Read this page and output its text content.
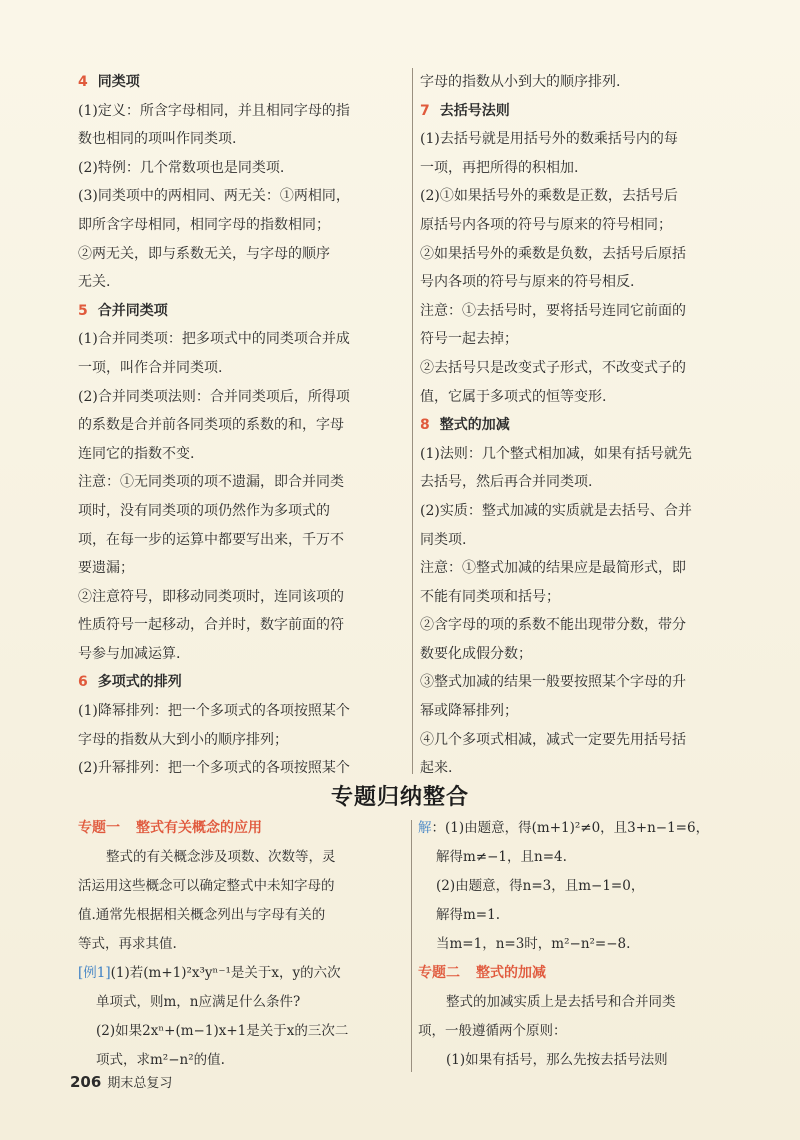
4 同类项
(1)定义：所含字母相同，并且相同字母的指
数也相同的项叫作同类项.
(2)特例：几个常数项也是同类项.
(3)同类项中的两相同、两无关：①两相同，
即所含字母相同，相同字母的指数相同；
②两无关，即与系数无关，与字母的顺序
无关.
5 合并同类项
(1)合并同类项：把多项式中的同类项合并成
一项，叫作合并同类项.
(2)合并同类项法则：合并同类项后，所得项
的系数是合并前各同类项的系数的和，字母
连同它的指数不变.
注意：①无同类项的项不遗漏，即合并同类
项时，没有同类项的项仍然作为多项式的
项，在每一步的运算中都要写出来，千万不
要遗漏；
②注意符号，即移动同类项时，连同该项的
性质符号一起移动，合并时，数字前面的符
号参与加减运算.
6 多项式的排列
(1)降幂排列：把一个多项式的各项按照某个
字母的指数从大到小的顺序排列；
(2)升幂排列：把一个多项式的各项按照某个
字母的指数从小到大的顺序排列.
7 去括号法则
(1)去括号就是用括号外的数乘括号内的每
一项，再把所得的积相加.
(2)①如果括号外的乘数是正数，去括号后
原括号内各项的符号与原来的符号相同；
②如果括号外的乘数是负数，去括号后原括
号内各项的符号与原来的符号相反.
注意：①去括号时，要将括号连同它前面的
符号一起去掉；
②去括号只是改变式子形式，不改变式子的
值，它属于多项式的恒等变形.
8 整式的加减
(1)法则：几个整式相加减，如果有括号就先
去括号，然后再合并同类项.
(2)实质：整式加减的实质就是去括号、合并
同类项.
注意：①整式加减的结果应是最简形式，即
不能有同类项和括号；
②含字母的项的系数不能出现带分数，带分
数要化成假分数；
③整式加减的结果一般要按照某个字母的升
幂或降幂排列；
④几个多项式相减，减式一定要先用括号括
起来.
专题归纳整合
专题一 整式有关概念的应用
整式的有关概念涉及项数、次数等，灵
活运用这些概念可以确定整式中未知字母的
值.通常先根据相关概念列出与字母有关的
等式，再求其值.
[例1](1)若(m+1)²x³yⁿ⁻¹是关于x，y的六次
单项式，则m，n应满足什么条件?
(2)如果2xⁿ+(m−1)x+1是关于x的三次二
项式，求m²−n²的值.
解：(1)由题意，得(m+1)²≠0，且3+n−1=6，
解得m≠−1，且n=4.
(2)由题意，得n=3，且m−1=0，
解得m=1.
当m=1，n=3时，m²−n²=−8.
专题二 整式的加减
整式的加减实质上是去括号和合并同类
项，一般遵循两个原则：
(1)如果有括号，那么先按去括号法则
206 期末总复习
